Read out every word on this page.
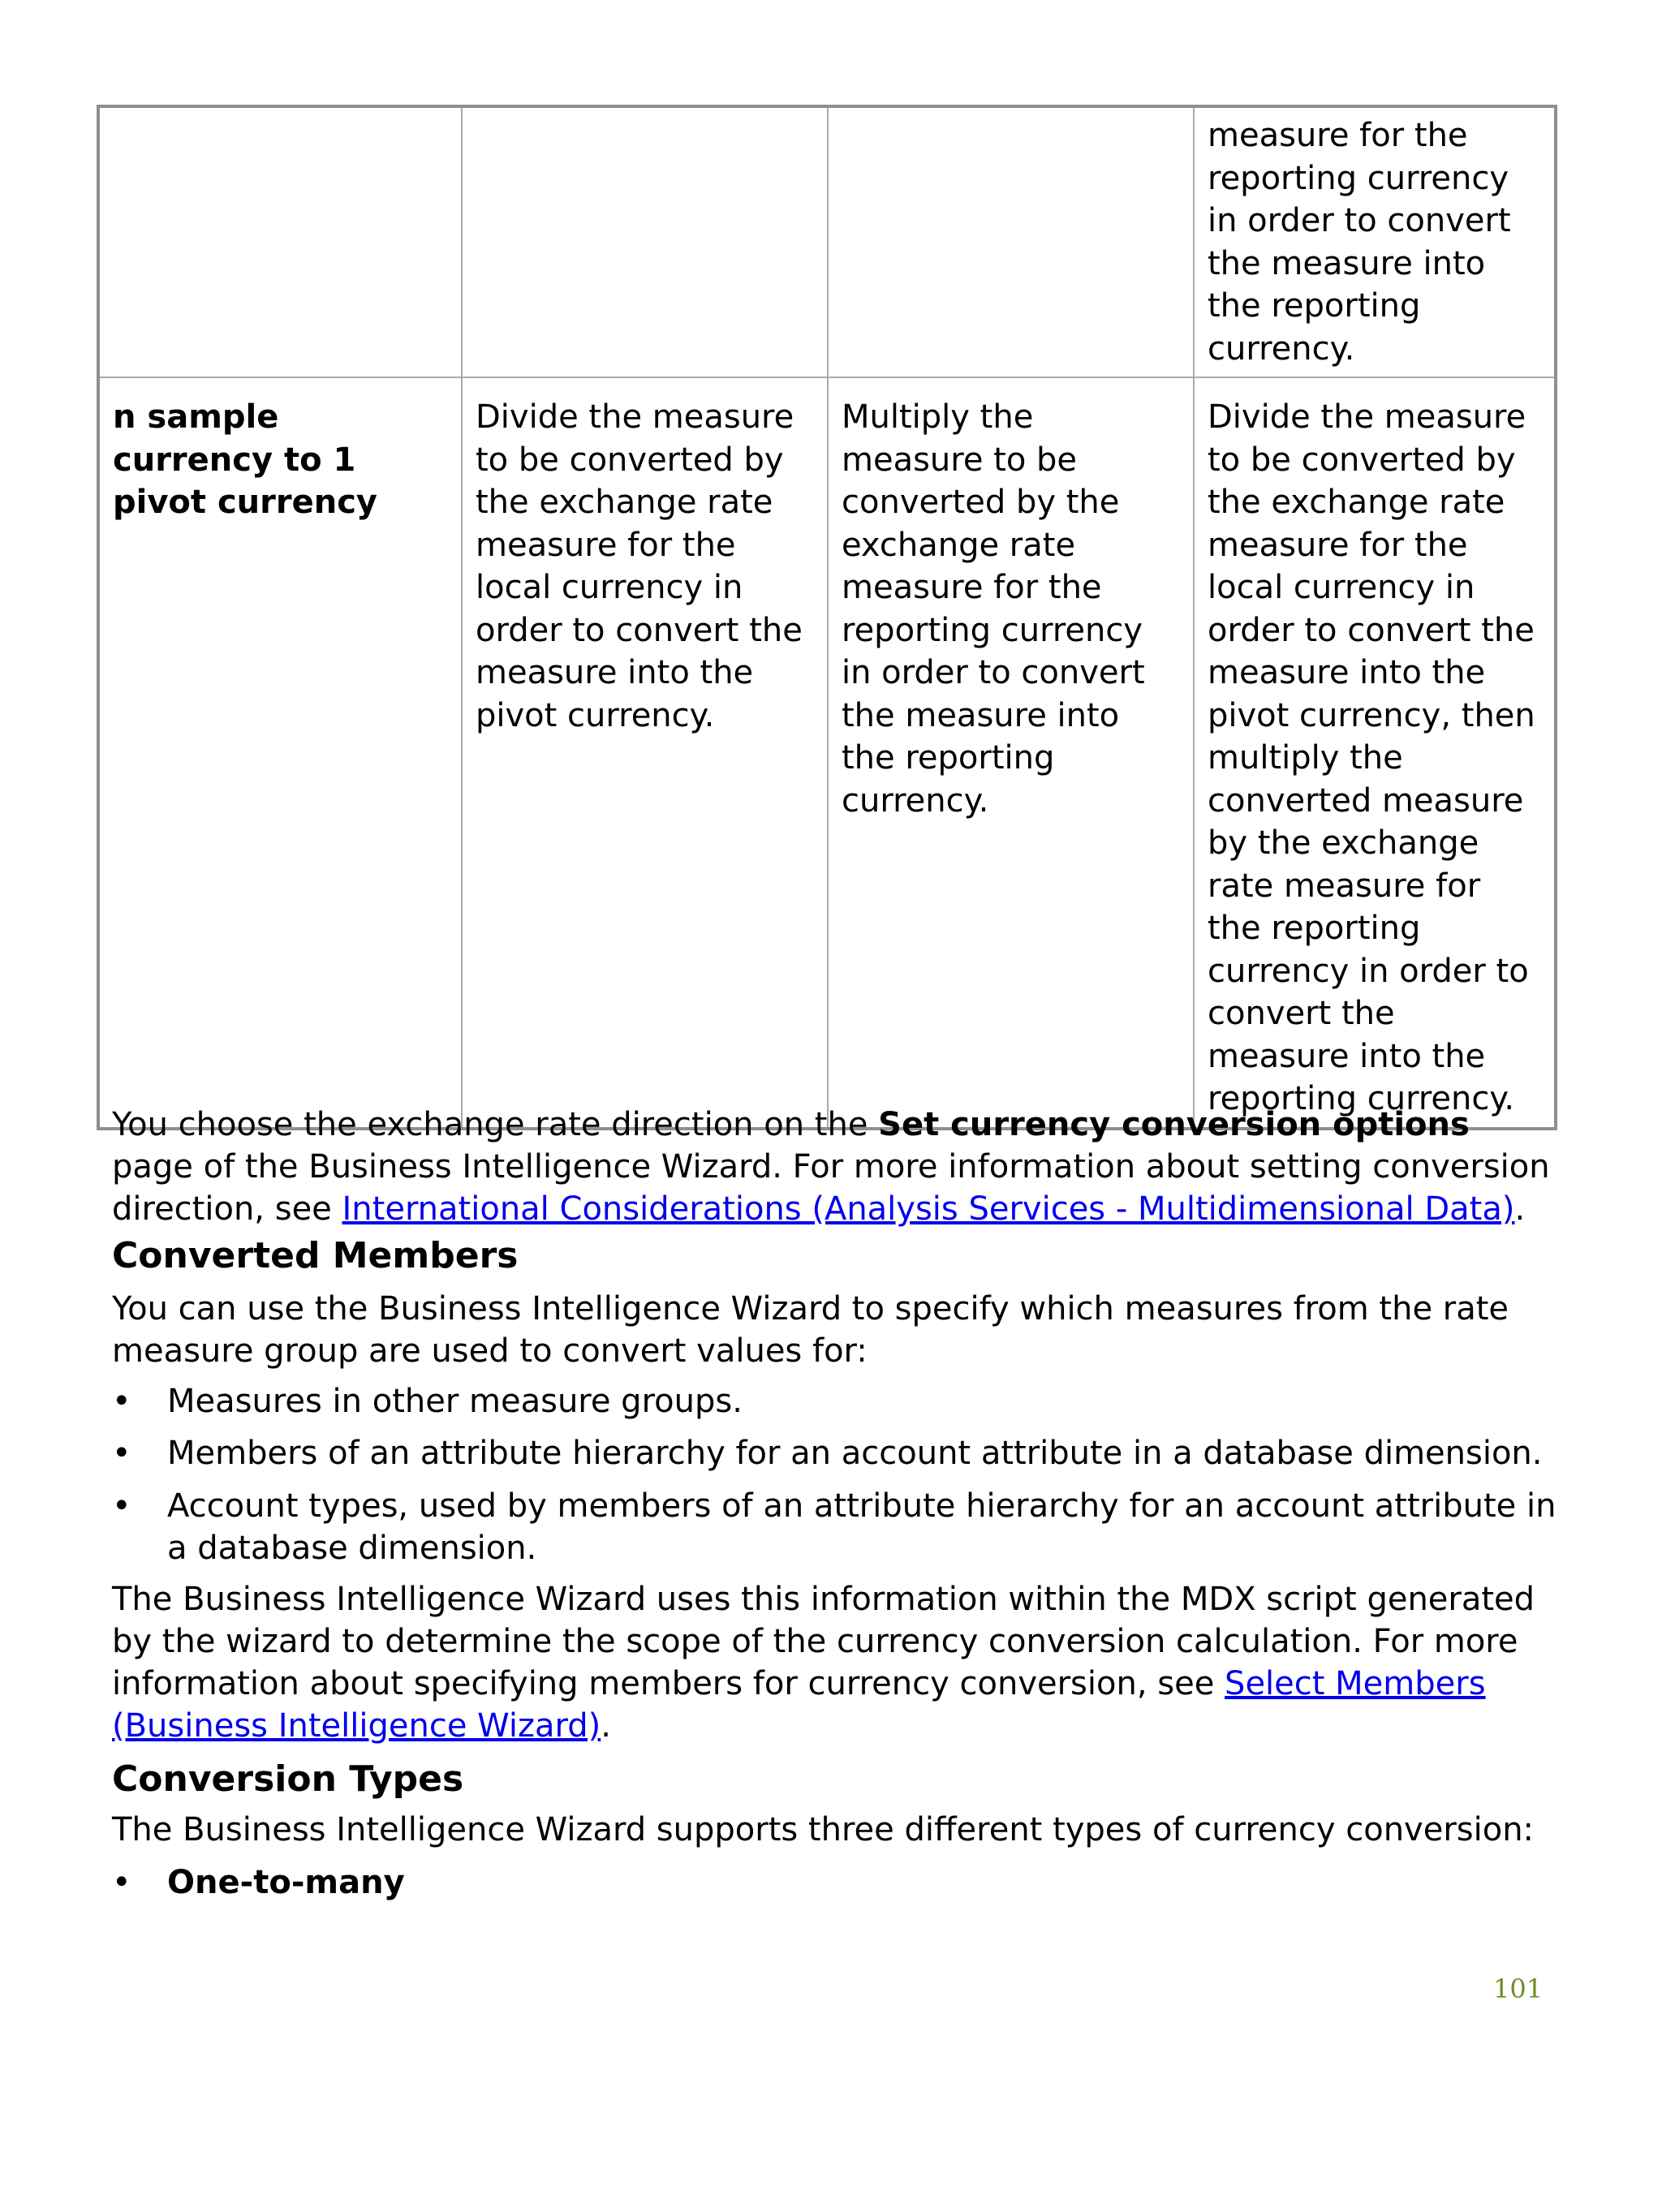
			measure for the reporting currency in order to convert the measure into the reporting currency.
n sample currency to 1 pivot currency	Divide the measure to be converted by the exchange rate measure for the local currency in order to convert the measure into the pivot currency.	Multiply the measure to be converted by the exchange rate measure for the reporting currency in order to convert the measure into the reporting currency.	Divide the measure to be converted by the exchange rate measure for the local currency in order to convert the measure into the pivot currency, then multiply the converted measure by the exchange rate measure for the reporting currency in order to convert the measure into the reporting currency.

You choose the exchange rate direction on the Set currency conversion options page of the Business Intelligence Wizard. For more information about setting conversion direction, see International Considerations (Analysis Services - Multidimensional Data).

Converted Members

You can use the Business Intelligence Wizard to specify which measures from the rate measure group are used to convert values for:

•	Measures in other measure groups.
•	Members of an attribute hierarchy for an account attribute in a database dimension.
•	Account types, used by members of an attribute hierarchy for an account attribute in a database dimension.

The Business Intelligence Wizard uses this information within the MDX script generated by the wizard to determine the scope of the currency conversion calculation. For more information about specifying members for currency conversion, see Select Members (Business Intelligence Wizard).

Conversion Types

The Business Intelligence Wizard supports three different types of currency conversion:

•	One-to-many
101
